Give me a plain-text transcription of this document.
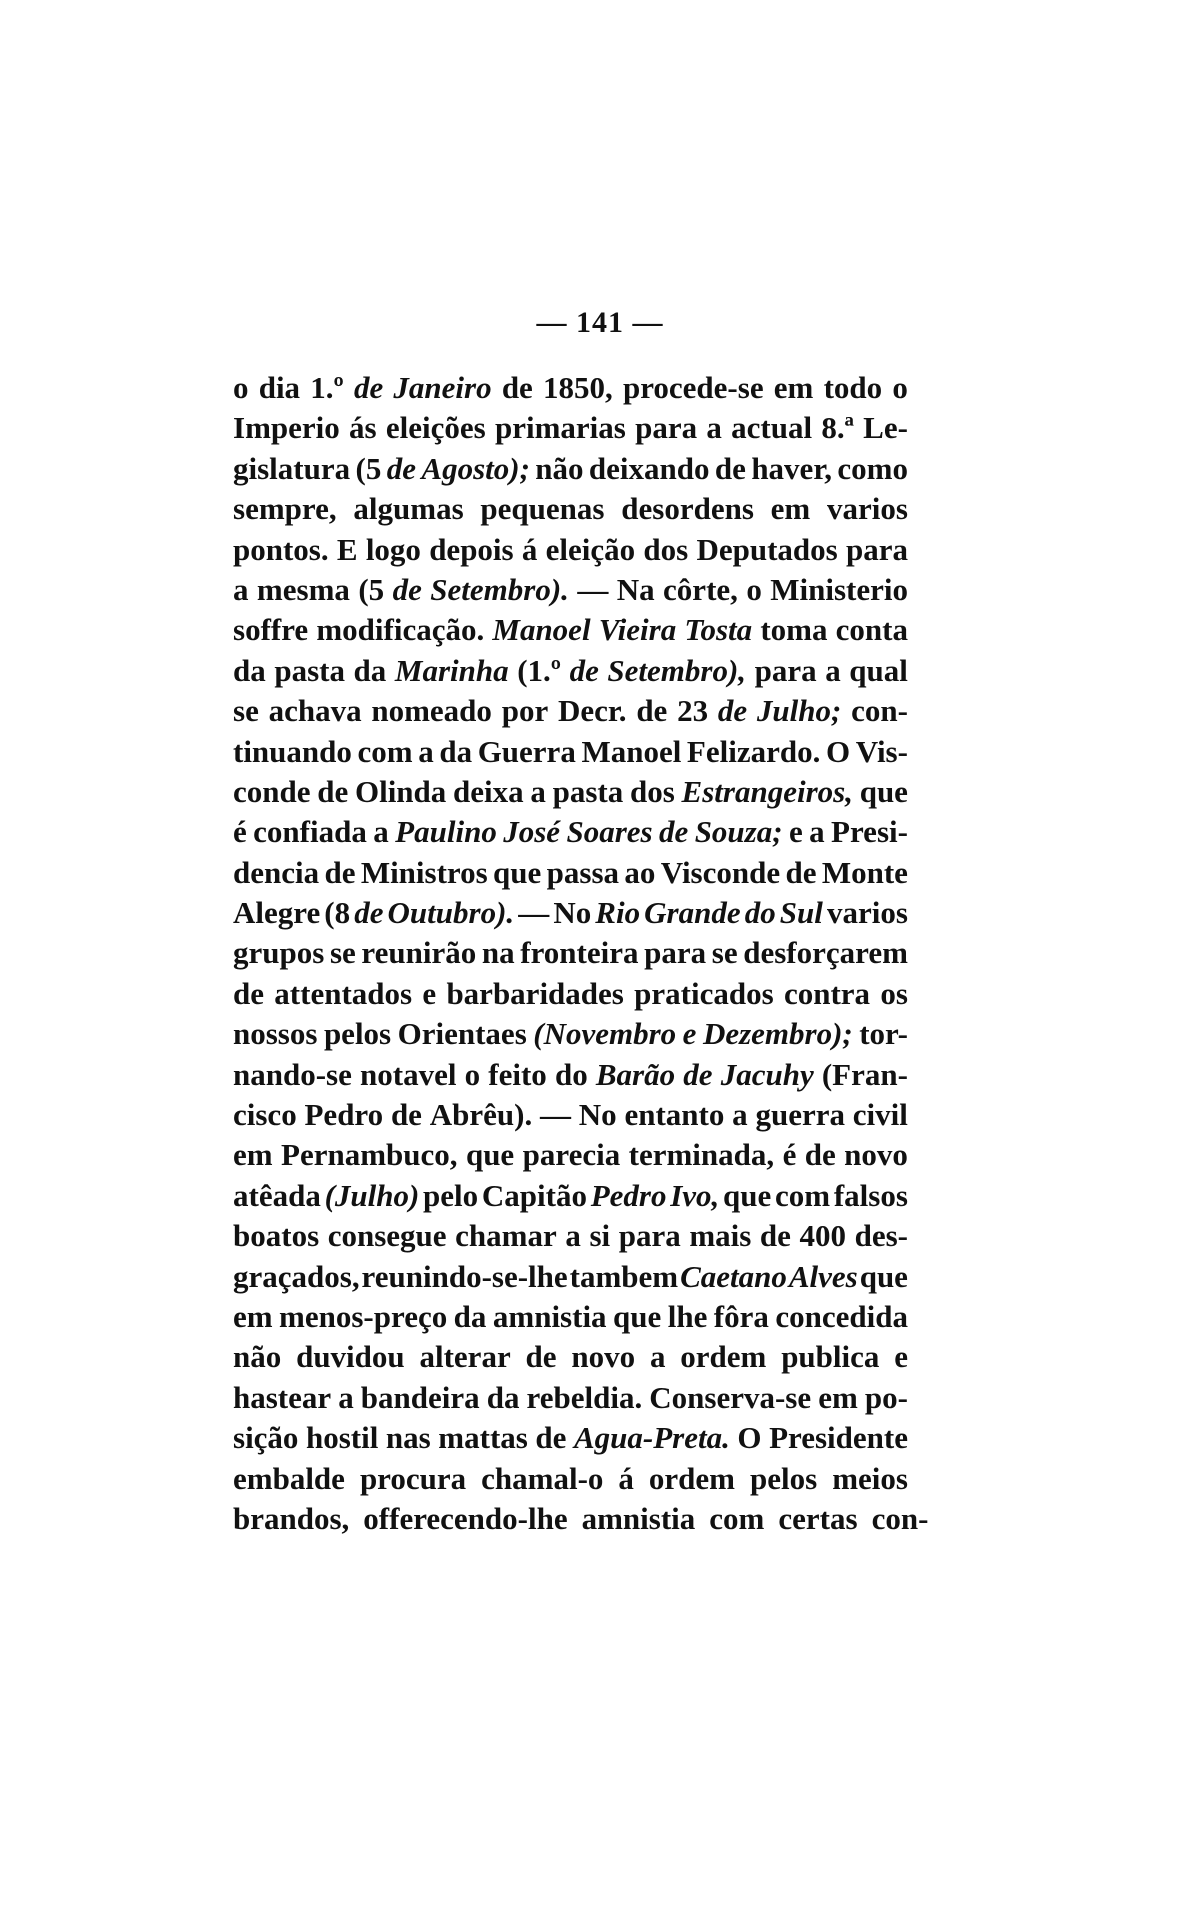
— 141 —
o dia 1.º de Janeiro de 1850, procede-se em todo o
Imperio ás eleições primarias para a actual 8.ª Le-
gislatura (5 de Agosto); não deixando de haver, como
sempre, algumas pequenas desordens em varios
pontos. E logo depois á eleição dos Deputados para
a mesma (5 de Setembro). — Na côrte, o Ministerio
soffre modificação. Manoel Vieira Tosta toma conta
da pasta da Marinha (1.º de Setembro), para a qual
se achava nomeado por Decr. de 23 de Julho; con-
tinuando com a da Guerra Manoel Felizardo. O Vis-
conde de Olinda deixa a pasta dos Estrangeiros, que
é confiada a Paulino José Soares de Souza; e a Presi-
dencia de Ministros que passa ao Visconde de Monte
Alegre (8 de Outubro). — No Rio Grande do Sul varios
grupos se reunirão na fronteira para se desforçarem
de attentados e barbaridades praticados contra os
nossos pelos Orientaes (Novembro e Dezembro); tor-
nando-se notavel o feito do Barão de Jacuhy (Fran-
cisco Pedro de Abrêu). — No entanto a guerra civil
em Pernambuco, que parecia terminada, é de novo
atêada (Julho) pelo Capitão Pedro Ivo, que com falsos
boatos consegue chamar a si para mais de 400 des-
graçados, reunindo-se-lhe tambem Caetano Alves que
em menos-preço da amnistia que lhe fôra concedida
não duvidou alterar de novo a ordem publica e
hastear a bandeira da rebeldia. Conserva-se em po-
sição hostil nas mattas de Agua-Preta. O Presidente
embalde procura chamal-o á ordem pelos meios
brandos, offerecendo-lhe amnistia com certas con-
